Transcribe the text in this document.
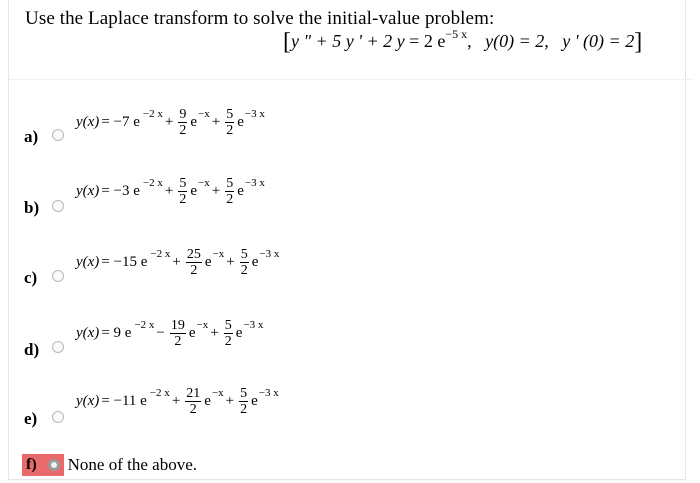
Use the Laplace transform to solve the initial-value problem:
[y " + 5 y ' + 2 y = 2 $e^{-5 x}$, y(0) = 2, y ' (0) = 2]
a)
y(x) = −7 e $^{-2 x} + \frac{9}{2} e^{-x} + \frac{5}{2} e^{-3 x}$
b)
y(x) = −3 e $^{-2 x} + \frac{5}{2} e^{-x} + \frac{5}{2} e^{-3 x}$
c)
y(x) = −15 e $^{-2 x} + \frac{25}{2} e^{-x} + \frac{5}{2} e^{-3 x}$
d)
y(x) = 9 e $^{-2 x} - \frac{19}{2} e^{-x} + \frac{5}{2} e^{-3 x}$
e)
y(x) = −11 e $^{-2 x} + \frac{21}{2} e^{-x} + \frac{5}{2} e^{-3 x}$
f)	None of the above.
